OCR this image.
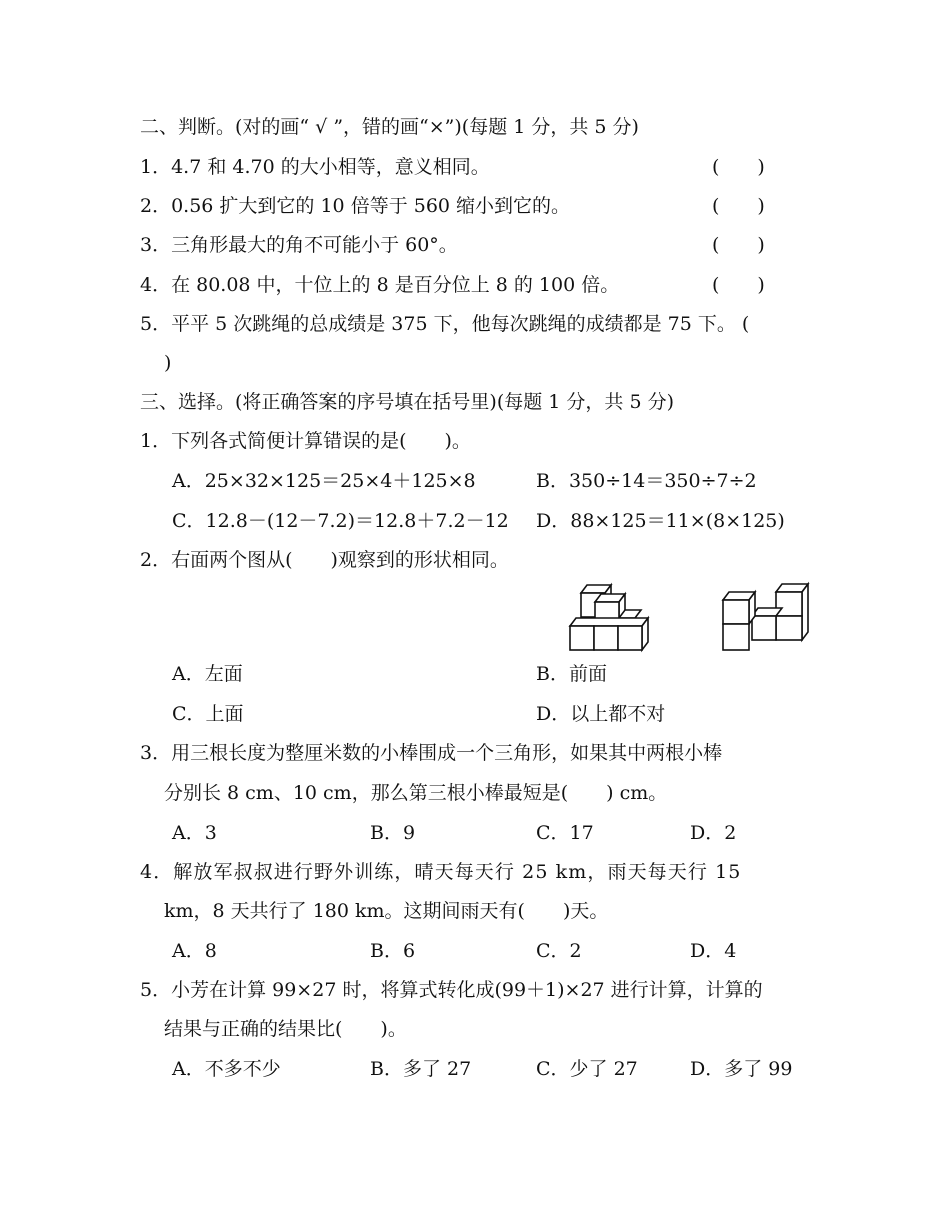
二、判断。(对的画“ √ ”，错的画“×”)(每题 1 分，共 5 分)
1．4.7 和 4.70 的大小相等，意义相同。	(　　)
2．0.56 扩大到它的 10 倍等于 560 缩小到它的。	(　　)
3．三角形最大的角不可能小于 60°。	(　　)
4．在 80.08 中，十位上的 8 是百分位上 8 的 100 倍。	(　　)
5．平平 5 次跳绳的总成绩是 375 下，他每次跳绳的成绩都是 75 下。 (
)
三、选择。(将正确答案的序号填在括号里)(每题 1 分，共 5 分)
1．下列各式简便计算错误的是(　　)。
A．25×32×125＝25×4＋125×8	B．350÷14＝350÷7÷2
C．12.8－(12－7.2)＝12.8＋7.2－12 D．88×125＝11×(8×125)
2．右面两个图从(　　)观察到的形状相同。
A．左面	B．前面
C．上面	D．以上都不对
3．用三根长度为整厘米数的小棒围成一个三角形，如果其中两根小棒
分别长 8 cm、10 cm，那么第三根小棒最短是(　　) cm。
A．3	B．9	C．17	D．2
4．解放军叔叔进行野外训练，晴天每天行 25 km，雨天每天行 15
km，8 天共行了 180 km。这期间雨天有(　　)天。
A．8	B．6	C．2	D．4
5．小芳在计算 99×27 时，将算式转化成(99＋1)×27 进行计算，计算的
结果与正确的结果比(　　)。
A．不多不少	B．多了 27	C．少了 27	D．多了 99
